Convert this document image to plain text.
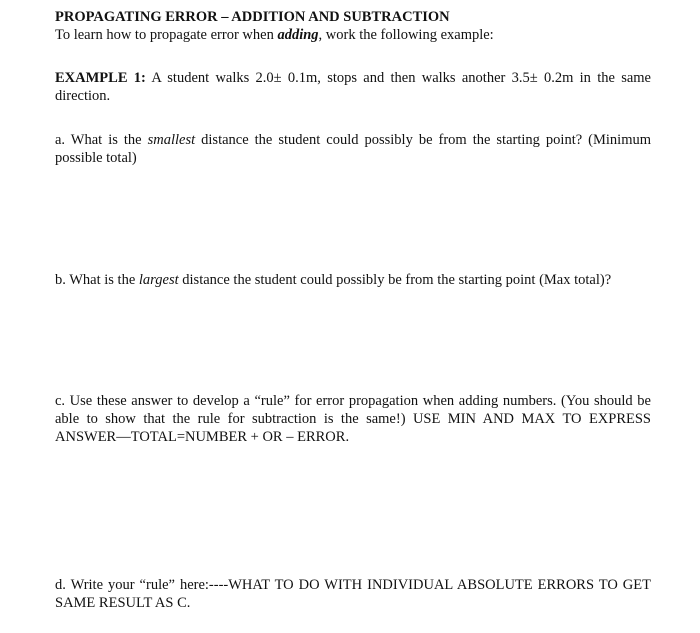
PROPAGATING ERROR – ADDITION AND SUBTRACTION

To learn how to propagate error when adding, work the following example:

EXAMPLE 1: A student walks 2.0± 0.1m, stops and then walks another 3.5± 0.2m in the same direction.

a. What is the smallest distance the student could possibly be from the starting point? (Minimum possible total)

b. What is the largest distance the student could possibly be from the starting point (Max total)?

c. Use these answer to develop a “rule” for error propagation when adding numbers. (You should be able to show that the rule for subtraction is the same!) USE MIN AND MAX TO EXPRESS ANSWER—TOTAL=NUMBER + OR – ERROR.

d. Write your “rule” here:----WHAT TO DO WITH INDIVIDUAL ABSOLUTE ERRORS TO GET SAME RESULT AS C.
